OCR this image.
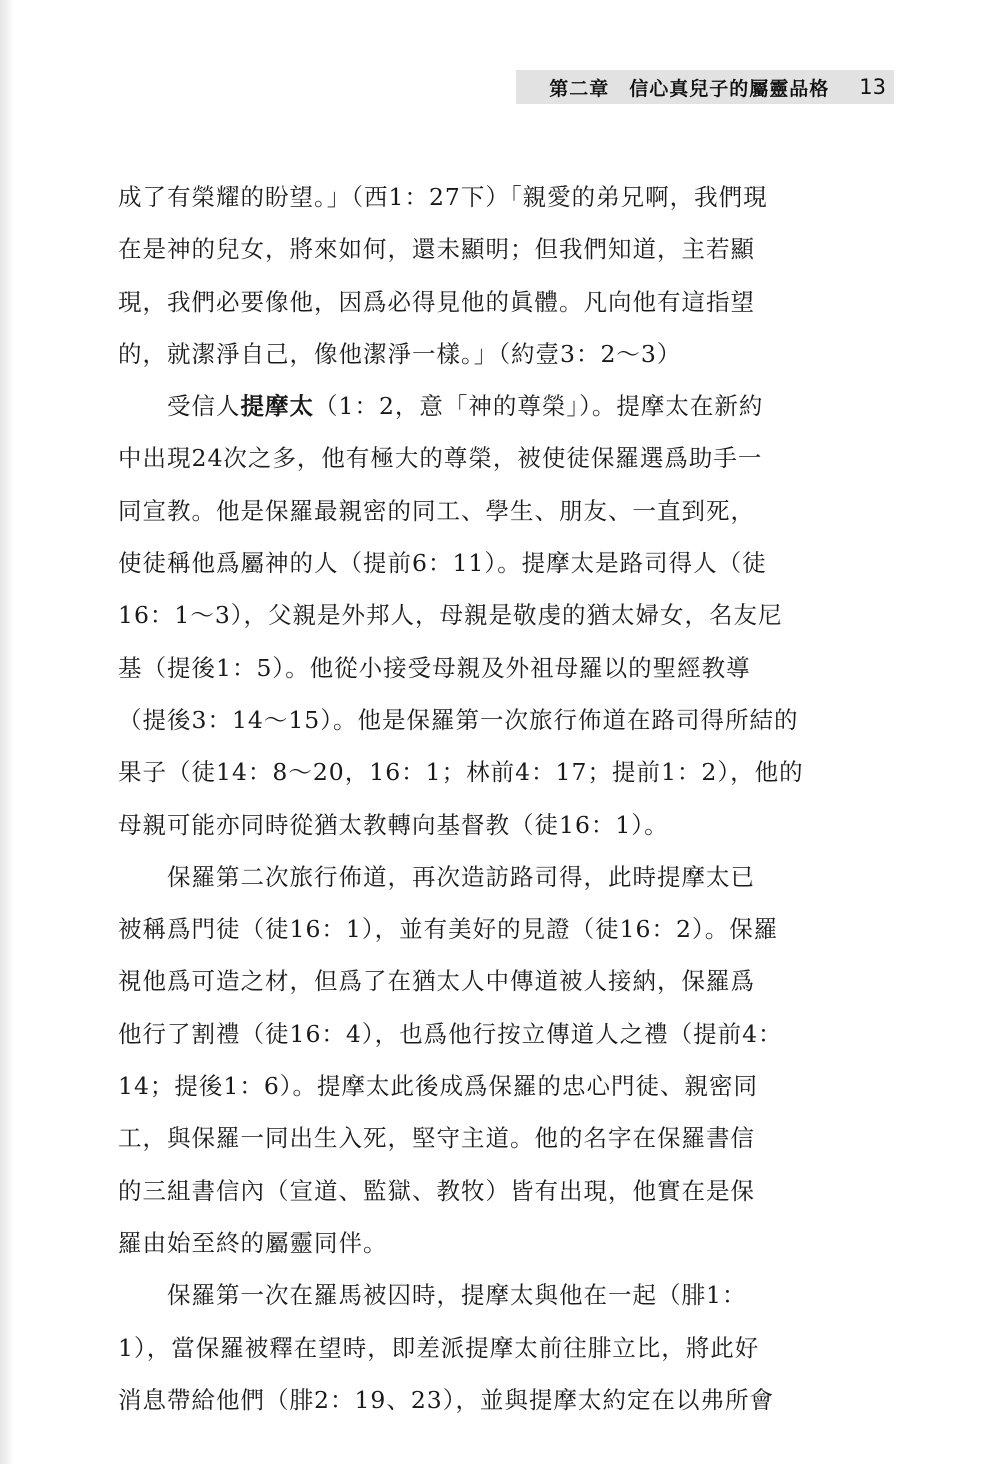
第二章　信心真兒子的屬靈品格 13
成了有榮耀的盼望。」（西1：27下）「親愛的弟兄啊，我們現
在是神的兒女，將來如何，還未顯明；但我們知道，主若顯
現，我們必要像他，因爲必得見他的眞體。凡向他有這指望
的，就潔淨自己，像他潔淨一樣。」（約壹3：2～3）
　　受信人提摩太（1：2，意「神的尊榮」）。提摩太在新約
中出現24次之多，他有極大的尊榮，被使徒保羅選爲助手一
同宣教。他是保羅最親密的同工、學生、朋友、一直到死，
使徒稱他爲屬神的人（提前6：11）。提摩太是路司得人（徒
16：1～3），父親是外邦人，母親是敬虔的猶太婦女，名友尼
基（提後1：5）。他從小接受母親及外祖母羅以的聖經教導
（提後3：14～15）。他是保羅第一次旅行佈道在路司得所結的
果子（徒14：8～20，16：1；林前4：17；提前1：2），他的
母親可能亦同時從猶太教轉向基督教（徒16：1）。
　　保羅第二次旅行佈道，再次造訪路司得，此時提摩太已
被稱爲門徒（徒16：1），並有美好的見證（徒16：2）。保羅
視他爲可造之材，但爲了在猶太人中傳道被人接納，保羅爲
他行了割禮（徒16：4），也爲他行按立傳道人之禮（提前4：
14；提後1：6）。提摩太此後成爲保羅的忠心門徒、親密同
工，與保羅一同出生入死，堅守主道。他的名字在保羅書信
的三組書信內（宣道、監獄、教牧）皆有出現，他實在是保
羅由始至終的屬靈同伴。
　　保羅第一次在羅馬被囚時，提摩太與他在一起（腓1：
1），當保羅被釋在望時，即差派提摩太前往腓立比，將此好
消息帶給他們（腓2：19、23），並與提摩太約定在以弗所會
